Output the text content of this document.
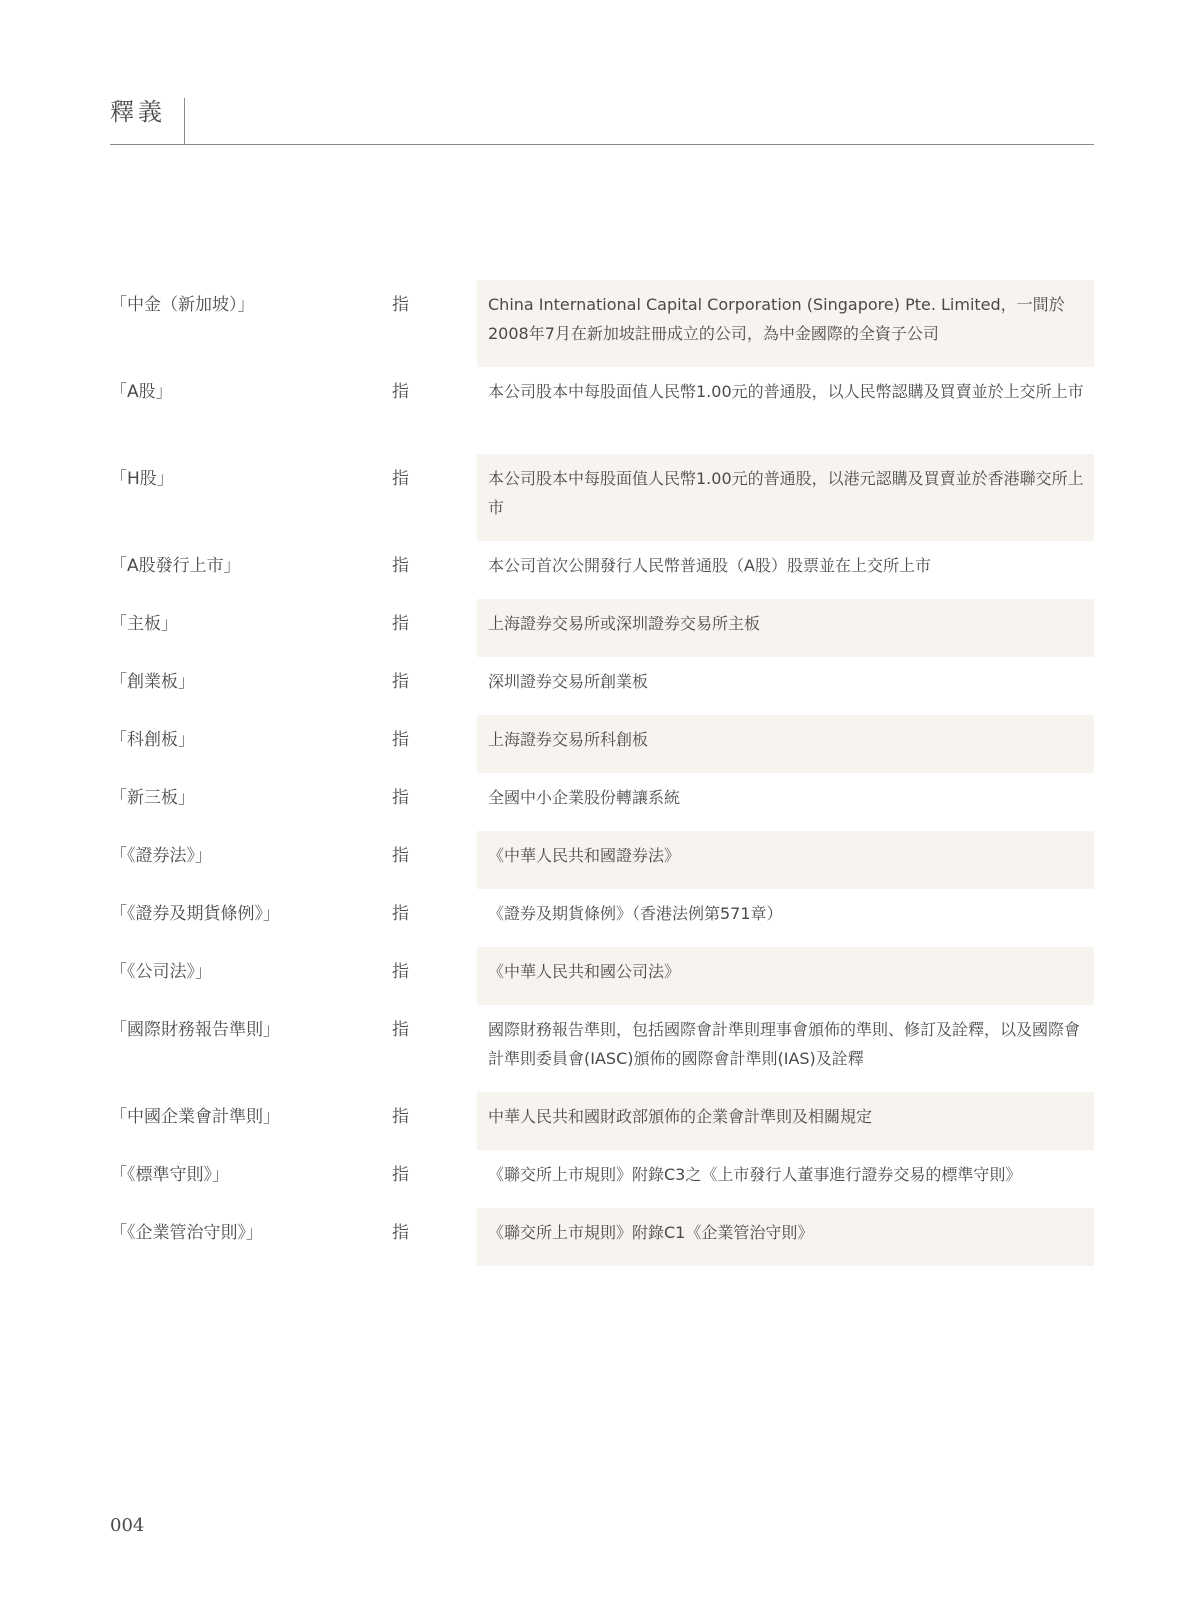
釋義
「中金（新加坡）」	指	China International Capital Corporation (Singapore) Pte. Limited，一間於2008年7月在新加坡註冊成立的公司，為中金國際的全資子公司
「A股」	指	本公司股本中每股面值人民幣1.00元的普通股，以人民幣認購及買賣並於上交所上市
「H股」	指	本公司股本中每股面值人民幣1.00元的普通股，以港元認購及買賣並於香港聯交所上市
「A股發行上市」	指	本公司首次公開發行人民幣普通股（A股）股票並在上交所上市
「主板」	指	上海證券交易所或深圳證券交易所主板
「創業板」	指	深圳證券交易所創業板
「科創板」	指	上海證券交易所科創板
「新三板」	指	全國中小企業股份轉讓系統
「《證券法》」	指	《中華人民共和國證券法》
「《證券及期貨條例》」	指	《證券及期貨條例》（香港法例第571章）
「《公司法》」	指	《中華人民共和國公司法》
「國際財務報告準則」	指	國際財務報告準則，包括國際會計準則理事會頒佈的準則、修訂及詮釋，以及國際會計準則委員會(IASC)頒佈的國際會計準則(IAS)及詮釋
「中國企業會計準則」	指	中華人民共和國財政部頒佈的企業會計準則及相關規定
「《標準守則》」	指	《聯交所上市規則》附錄C3之《上市發行人董事進行證券交易的標準守則》
「《企業管治守則》」	指	《聯交所上市規則》附錄C1《企業管治守則》
004
